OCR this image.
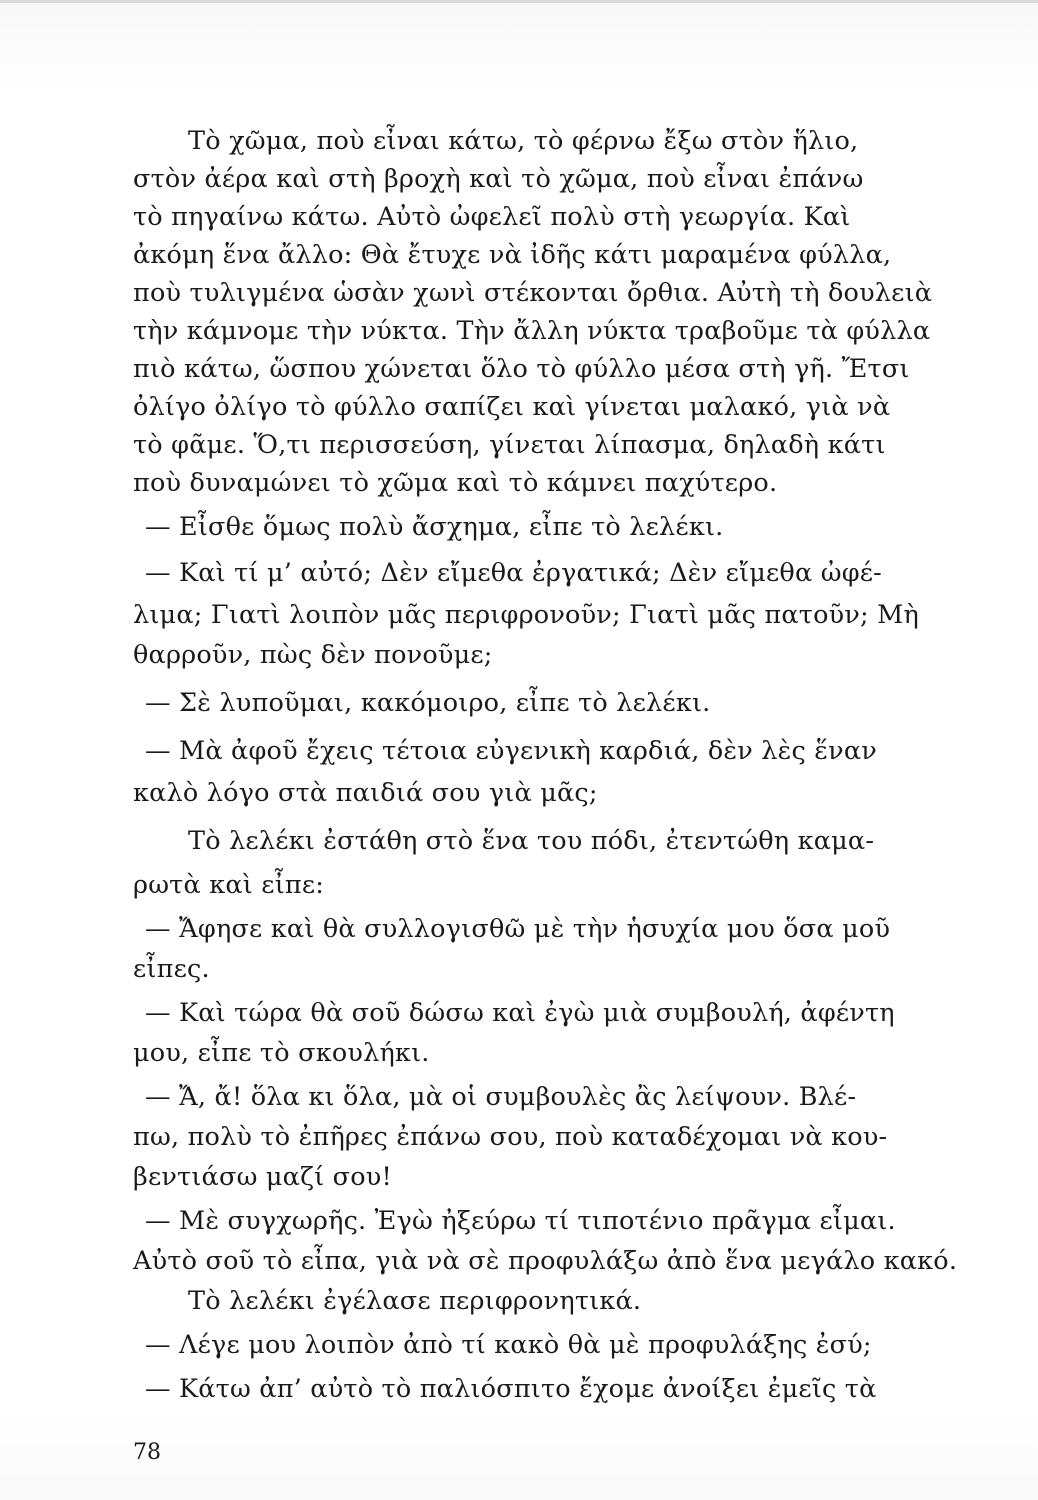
Τὸ χῶμα, ποὺ εἶναι κάτω, τὸ φέρνω ἔξω στὸν ἥλιο,
στὸν ἀέρα καὶ στὴ βροχὴ καὶ τὸ χῶμα, ποὺ εἶναι ἐπάνω
τὸ πηγαίνω κάτω. Αὐτὸ ὠφελεῖ πολὺ στὴ γεωργία. Καὶ
ἀκόμη ἕνα ἄλλο: Θὰ ἔτυχε νὰ ἰδῆς κάτι μαραμένα φύλλα,
ποὺ τυλιγμένα ὡσὰν χωνὶ στέκονται ὄρθια. Αὐτὴ τὴ δουλειὰ
τὴν κάμνομε τὴν νύκτα. Τὴν ἄλλη νύκτα τραβοῦμε τὰ φύλλα
πιὸ κάτω, ὥσπου χώνεται ὅλο τὸ φύλλο μέσα στὴ γῆ. Ἔτσι
ὀλίγο ὀλίγο τὸ φύλλο σαπίζει καὶ γίνεται μαλακό, γιὰ νὰ
τὸ φᾶμε. Ὅ,τι περισσεύση, γίνεται λίπασμα, δηλαδὴ κάτι
ποὺ δυναμώνει τὸ χῶμα καὶ τὸ κάμνει παχύτερο.
— Εἶσθε ὅμως πολὺ ἄσχημα, εἶπε τὸ λελέκι.
— Καὶ τί μ’ αὐτό; Δὲν εἴμεθα ἐργατικά; Δὲν εἴμεθα ὠφέ-
λιμα; Γιατὶ λοιπὸν μᾶς περιφρονοῦν; Γιατὶ μᾶς πατοῦν; Μὴ
θαρροῦν, πὼς δὲν πονοῦμε;
— Σὲ λυποῦμαι, κακόμοιρο, εἶπε τὸ λελέκι.
— Μὰ ἀφοῦ ἔχεις τέτοια εὐγενικὴ καρδιά, δὲν λὲς ἕναν
καλὸ λόγο στὰ παιδιά σου γιὰ μᾶς;
Τὸ λελέκι ἐστάθη στὸ ἕνα του πόδι, ἐτεντώθη καμα-
ρωτὰ καὶ εἶπε:
— Ἄφησε καὶ θὰ συλλογισθῶ μὲ τὴν ἡσυχία μου ὅσα μοῦ
εἶπες.
— Καὶ τώρα θὰ σοῦ δώσω καὶ ἐγὼ μιὰ συμβουλή, ἀφέντη
μου, εἶπε τὸ σκουλήκι.
— Ἄ, ἄ! ὅλα κι ὅλα, μὰ οἱ συμβουλὲς ἂς λείψουν. Βλέ-
πω, πολὺ τὸ ἐπῆρες ἐπάνω σου, ποὺ καταδέχομαι νὰ κου-
βεντιάσω μαζί σου!
— Μὲ συγχωρῆς. Ἐγὼ ἠξεύρω τί τιποτένιο πρᾶγμα εἶμαι.
Αὐτὸ σοῦ τὸ εἶπα, γιὰ νὰ σὲ προφυλάξω ἀπὸ ἕνα μεγάλο κακό.
Τὸ λελέκι ἐγέλασε περιφρονητικά.
— Λέγε μου λοιπὸν ἀπὸ τί κακὸ θὰ μὲ προφυλάξης ἐσύ;
— Κάτω ἀπ’ αὐτὸ τὸ παλιόσπιτο ἔχομε ἀνοίξει ἐμεῖς τὰ
78
